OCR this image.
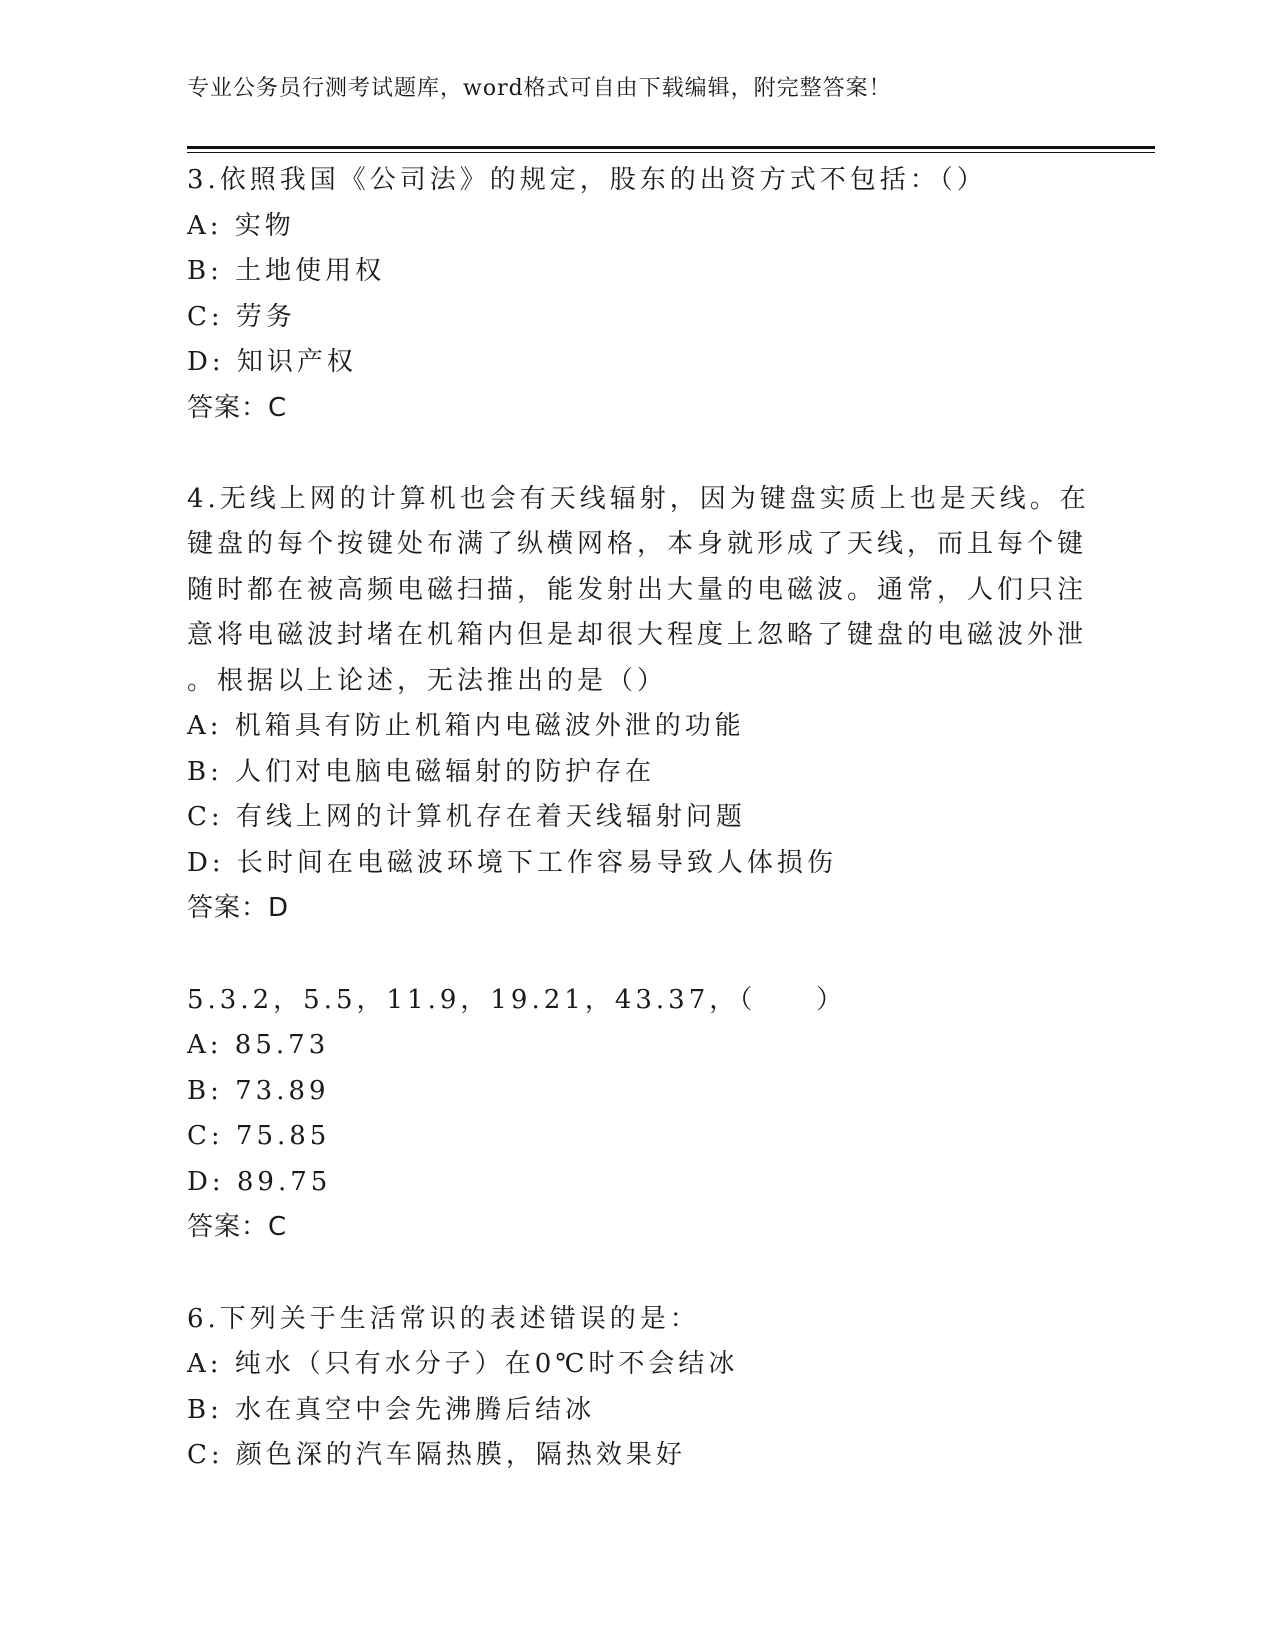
专业公务员行测考试题库，word格式可自由下载编辑，附完整答案！
3.依照我国《公司法》的规定，股东的出资方式不包括：（）
A: 实物
B: 土地使用权
C: 劳务
D: 知识产权
答案：C
4.无线上网的计算机也会有天线辐射，因为键盘实质上也是天线。在
键盘的每个按键处布满了纵横网格，本身就形成了天线，而且每个键
随时都在被高频电磁扫描，能发射出大量的电磁波。通常，人们只注
意将电磁波封堵在机箱内但是却很大程度上忽略了键盘的电磁波外泄
。根据以上论述，无法推出的是（）
A: 机箱具有防止机箱内电磁波外泄的功能
B: 人们对电脑电磁辐射的防护存在
C: 有线上网的计算机存在着天线辐射问题
D: 长时间在电磁波环境下工作容易导致人体损伤
答案：D
5.3.2，5.5，11.9，19.21，43.37，（　　）
A: 85.73
B: 73.89
C: 75.85
D: 89.75
答案：C
6.下列关于生活常识的表述错误的是：
A: 纯水（只有水分子）在0℃时不会结冰
B: 水在真空中会先沸腾后结冰
C: 颜色深的汽车隔热膜，隔热效果好
